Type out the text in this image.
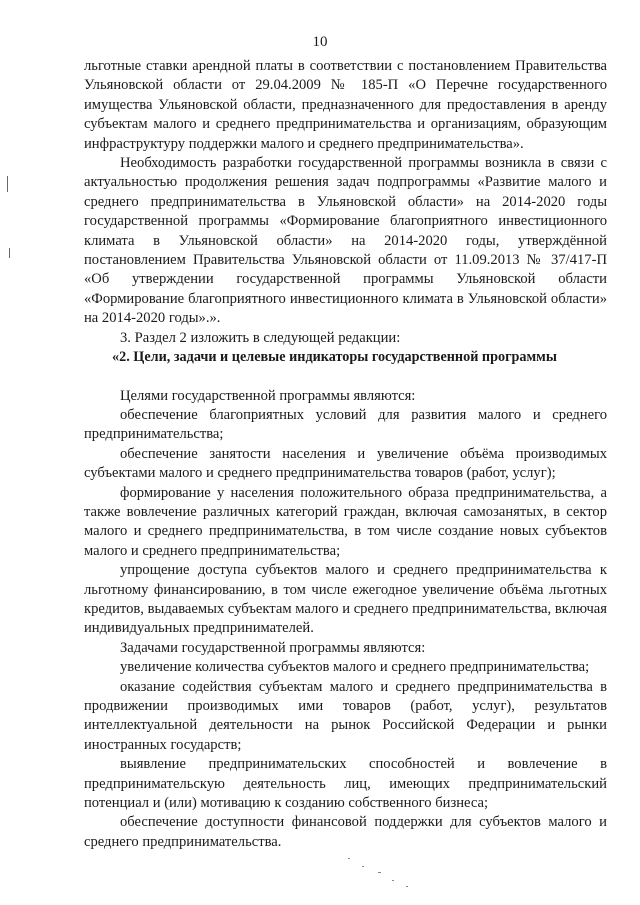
10

льготные ставки арендной платы в соответствии с постановлением Правительства Ульяновской области от 29.04.2009 № 185-П «О Перечне государственного имущества Ульяновской области, предназначенного для предоставления в аренду субъектам малого и среднего предпринимательства и организациям, образующим инфраструктуру поддержки малого и среднего предпринимательства».

Необходимость разработки государственной программы возникла в связи с актуальностью продолжения решения задач подпрограммы «Развитие малого и среднего предпринимательства в Ульяновской области» на 2014-2020 годы государственной программы «Формирование благоприятного инвестиционного климата в Ульяновской области» на 2014-2020 годы, утверждённой постановлением Правительства Ульяновской области от 11.09.2013 № 37/417-П «Об утверждении государственной программы Ульяновской области «Формирование благоприятного инвестиционного климата в Ульяновской области» на 2014-2020 годы».».

3. Раздел 2 изложить в следующей редакции:

«2. Цели, задачи и целевые индикаторы государственной программы

Целями государственной программы являются:

обеспечение благоприятных условий для развития малого и среднего предпринимательства;

обеспечение занятости населения и увеличение объёма производимых субъектами малого и среднего предпринимательства товаров (работ, услуг);

формирование у населения положительного образа предпринимательства, а также вовлечение различных категорий граждан, включая самозанятых, в сектор малого и среднего предпринимательства, в том числе создание новых субъектов малого и среднего предпринимательства;

упрощение доступа субъектов малого и среднего предпринимательства к льготному финансированию, в том числе ежегодное увеличение объёма льготных кредитов, выдаваемых субъектам малого и среднего предпринимательства, включая индивидуальных предпринимателей.

Задачами государственной программы являются:

увеличение количества субъектов малого и среднего предпринимательства;

оказание содействия субъектам малого и среднего предпринимательства в продвижении производимых ими товаров (работ, услуг), результатов интеллектуальной деятельности на рынок Российской Федерации и рынки иностранных государств;

выявление предпринимательских способностей и вовлечение в предпринимательскую деятельность лиц, имеющих предпринимательский потенциал и (или) мотивацию к созданию собственного бизнеса;

обеспечение доступности финансовой поддержки для субъектов малого и среднего предпринимательства.
